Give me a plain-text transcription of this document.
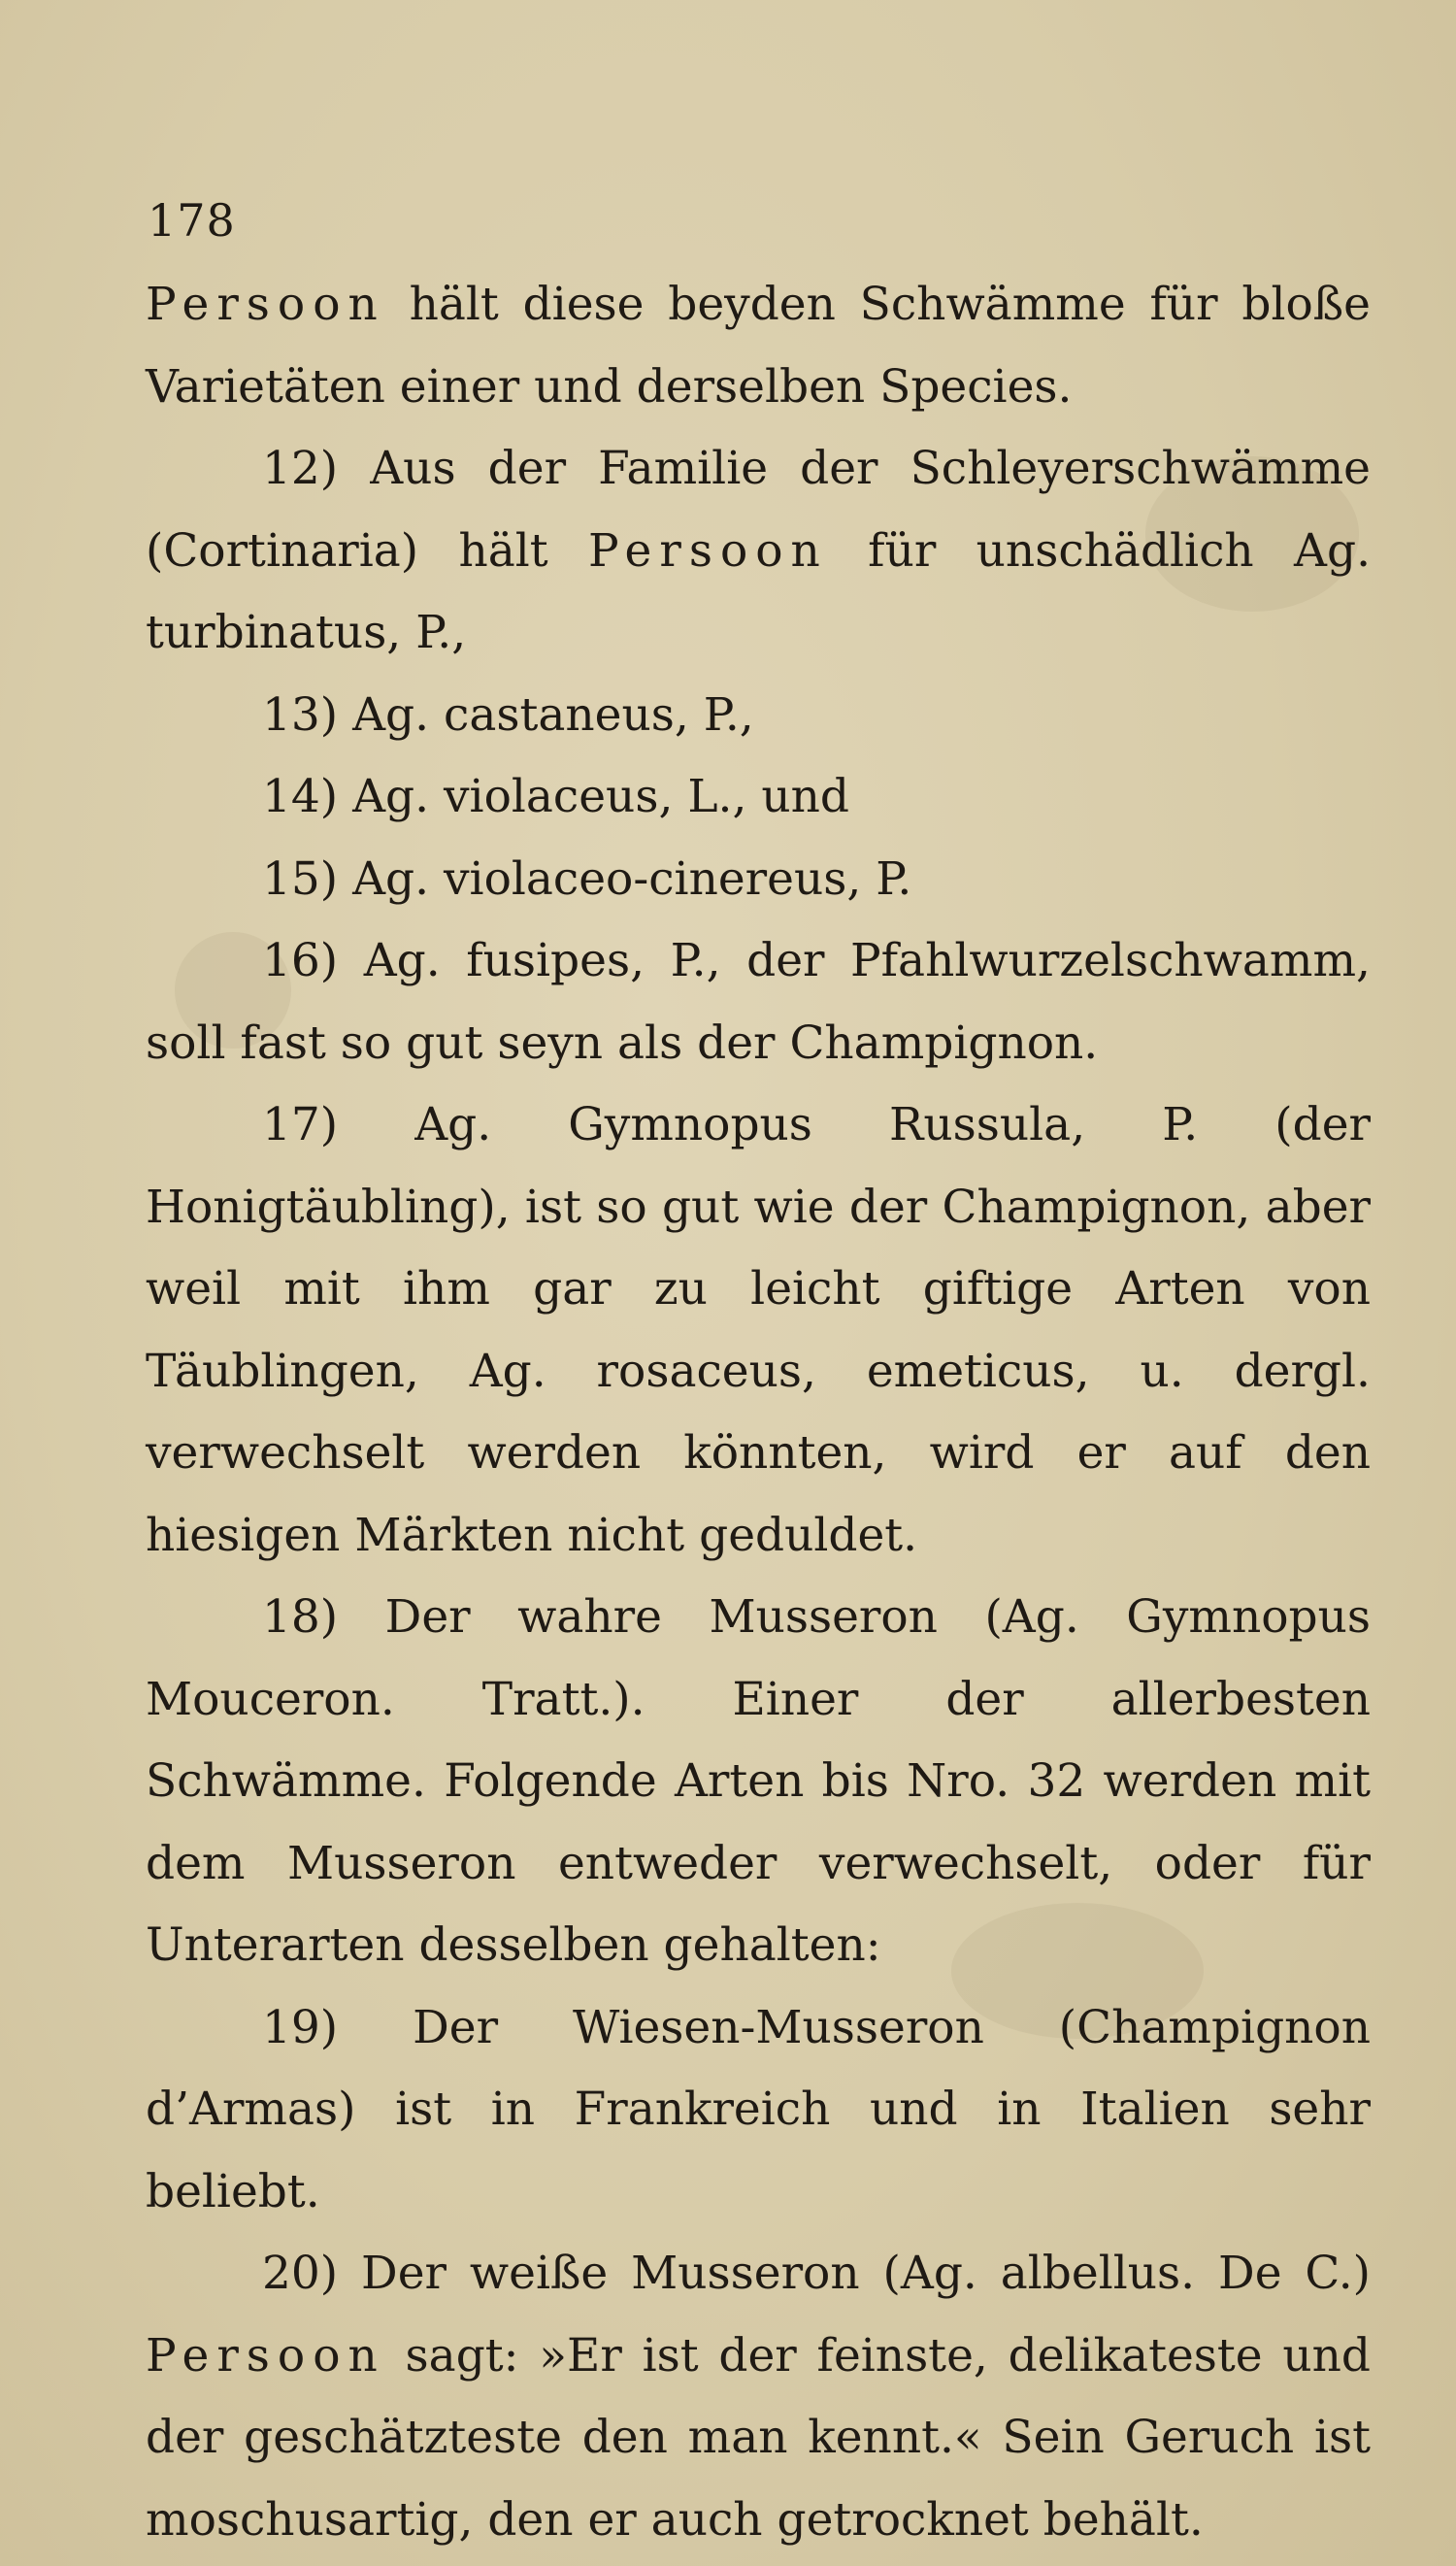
178

Persoon hält diese beyden Schwämme für bloße Varietäten einer und derselben Species.

12) Aus der Familie der Schleyerschwämme (Cortinaria) hält Persoon für unschädlich Ag. turbinatus, P.,

13) Ag. castaneus, P.,

14) Ag. violaceus, L., und

15) Ag. violaceo-cinereus, P.

16) Ag. fusipes, P., der Pfahlwurzelschwamm, soll fast so gut seyn als der Champignon.

17) Ag. Gymnopus Russula, P. (der Honigtäubling), ist so gut wie der Champignon, aber weil mit ihm gar zu leicht giftige Arten von Täublingen, Ag. rosaceus, emeticus, u. dergl. verwechselt werden könnten, wird er auf den hiesigen Märkten nicht geduldet.

18) Der wahre Musseron (Ag. Gymnopus Mouceron. Tratt.). Einer der allerbesten Schwämme. Folgende Arten bis Nro. 32 werden mit dem Musseron entweder verwechselt, oder für Unterarten desselben gehalten:

19) Der Wiesen-Musseron (Champignon d’Armas) ist in Frankreich und in Italien sehr beliebt.

20) Der weiße Musseron (Ag. albellus. De C.) Persoon sagt: »Er ist der feinste, delikateste und der geschätzteste den man kennt.« Sein Geruch ist moschusartig, den er auch getrocknet behält.
